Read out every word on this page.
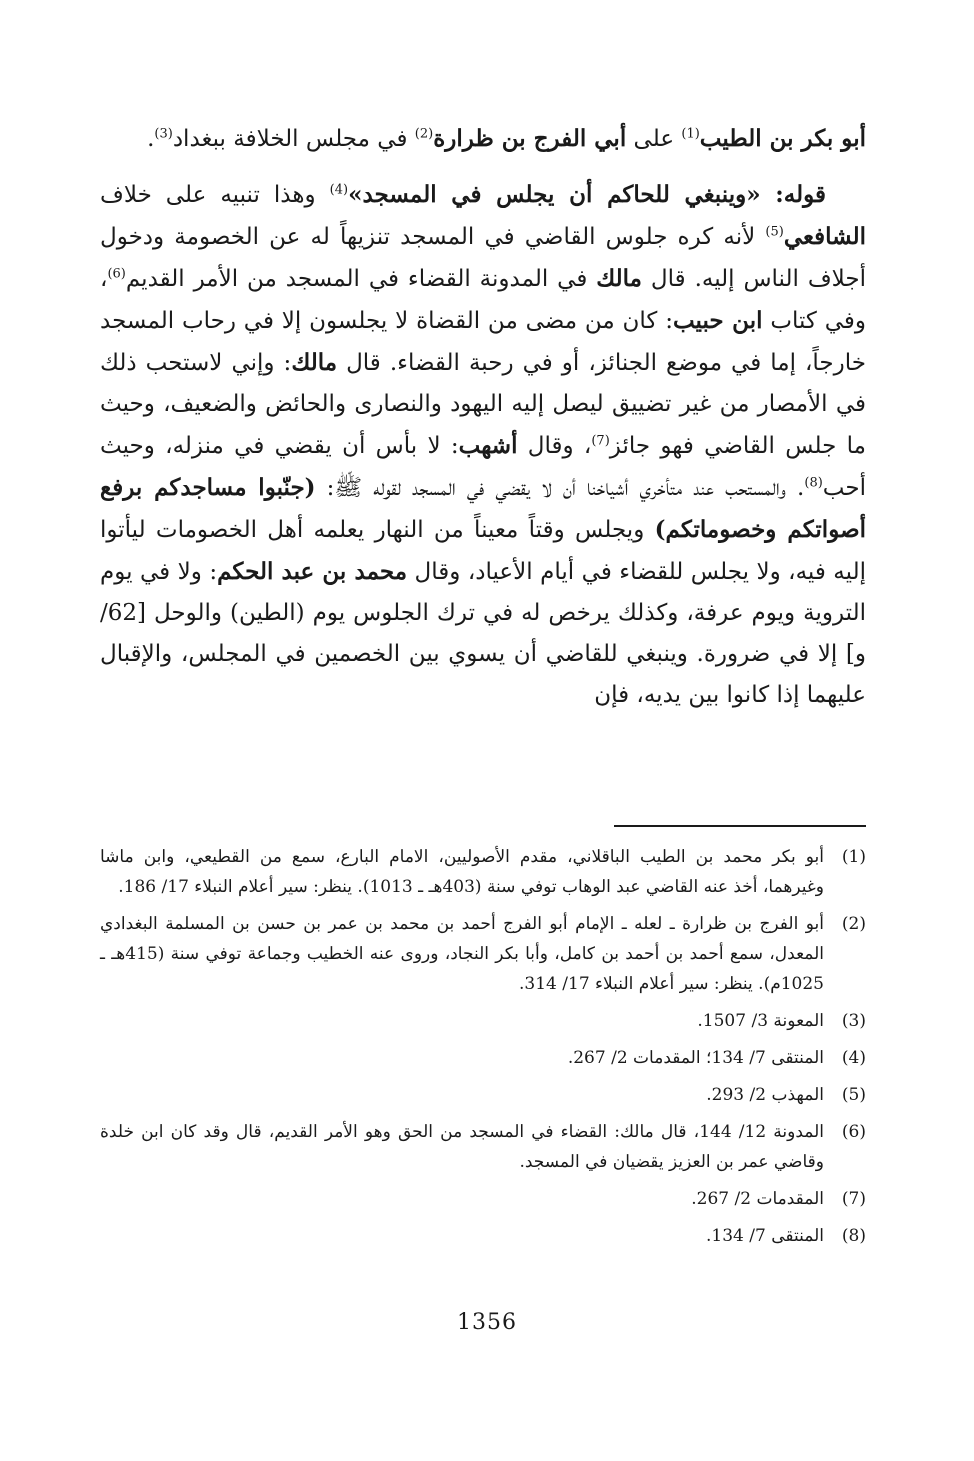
أبو بكر بن الطيب$^{(1)}$ على أبي الفرج بن ظرارة$^{(2)}$ في مجلس الخلافة ببغداد$^{(3)}$.

قوله: «وينبغي للحاكم أن يجلس في المسجد»$^{(4)}$ وهذا تنبيه على خلاف الشافعي$^{(5)}$ لأنه كره جلوس القاضي في المسجد تنزيهاً له عن الخصومة ودخول أجلاف الناس إليه. قال مالك في المدونة القضاء في المسجد من الأمر القديم$^{(6)}$، وفي كتاب ابن حبيب: كان من مضى من القضاة لا يجلسون إلا في رحاب المسجد خارجاً، إما في موضع الجنائز، أو في رحبة القضاء. قال مالك: وإني لاستحب ذلك في الأمصار من غير تضييق ليصل إليه اليهود والنصارى والحائض والضعيف، وحيث ما جلس القاضي فهو جائز$^{(7)}$، وقال أشهب: لا بأس أن يقضي في منزله، وحيث أحب$^{(8)}$. والمستحب عند متأخري أشياخنا أن لا يقضي في المسجد لقوله ﷺ: (جنّبوا مساجدكم برفع أصواتكم وخصوماتكم) ويجلس وقتاً معيناً من النهار يعلمه أهل الخصومات ليأتوا إليه فيه، ولا يجلس للقضاء في أيام الأعياد، وقال محمد بن عبد الحكم: ولا في يوم التروية ويوم عرفة، وكذلك يرخص له في ترك الجلوس يوم (الطين) والوحل [62/و] إلا في ضرورة. وينبغي للقاضي أن يسوي بين الخصمين في المجلس، والإقبال عليهما إذا كانوا بين يديه، فإن

(1)
أبو بكر محمد بن الطيب الباقلاني، مقدم الأصوليين، الامام البارع، سمع من القطيعي، وابن ماشا وغيرهما، أخذ عنه القاضي عبد الوهاب توفي سنة (403هـ ـ 1013). ينظر: سير أعلام النبلاء 17/ 186.
(2)
أبو الفرج بن ظرارة ـ لعله ـ الإمام أبو الفرج أحمد بن محمد بن عمر بن حسن بن المسلمة البغدادي المعدل، سمع أحمد بن أحمد بن كامل، وأبا بكر النجاد، وروى عنه الخطيب وجماعة توفي سنة (415هـ ـ 1025م). ينظر: سير أعلام النبلاء 17/ 314.
(3)
المعونة 3/ 1507.
(4)
المنتقى 7/ 134؛ المقدمات 2/ 267.
(5)
المهذب 2/ 293.
(6)
المدونة 12/ 144، قال مالك: القضاء في المسجد من الحق وهو الأمر القديم، قال وقد كان ابن خلدة وقاضي عمر بن العزيز يقضيان في المسجد.
(7)
المقدمات 2/ 267.
(8)
المنتقى 7/ 134.
1356
